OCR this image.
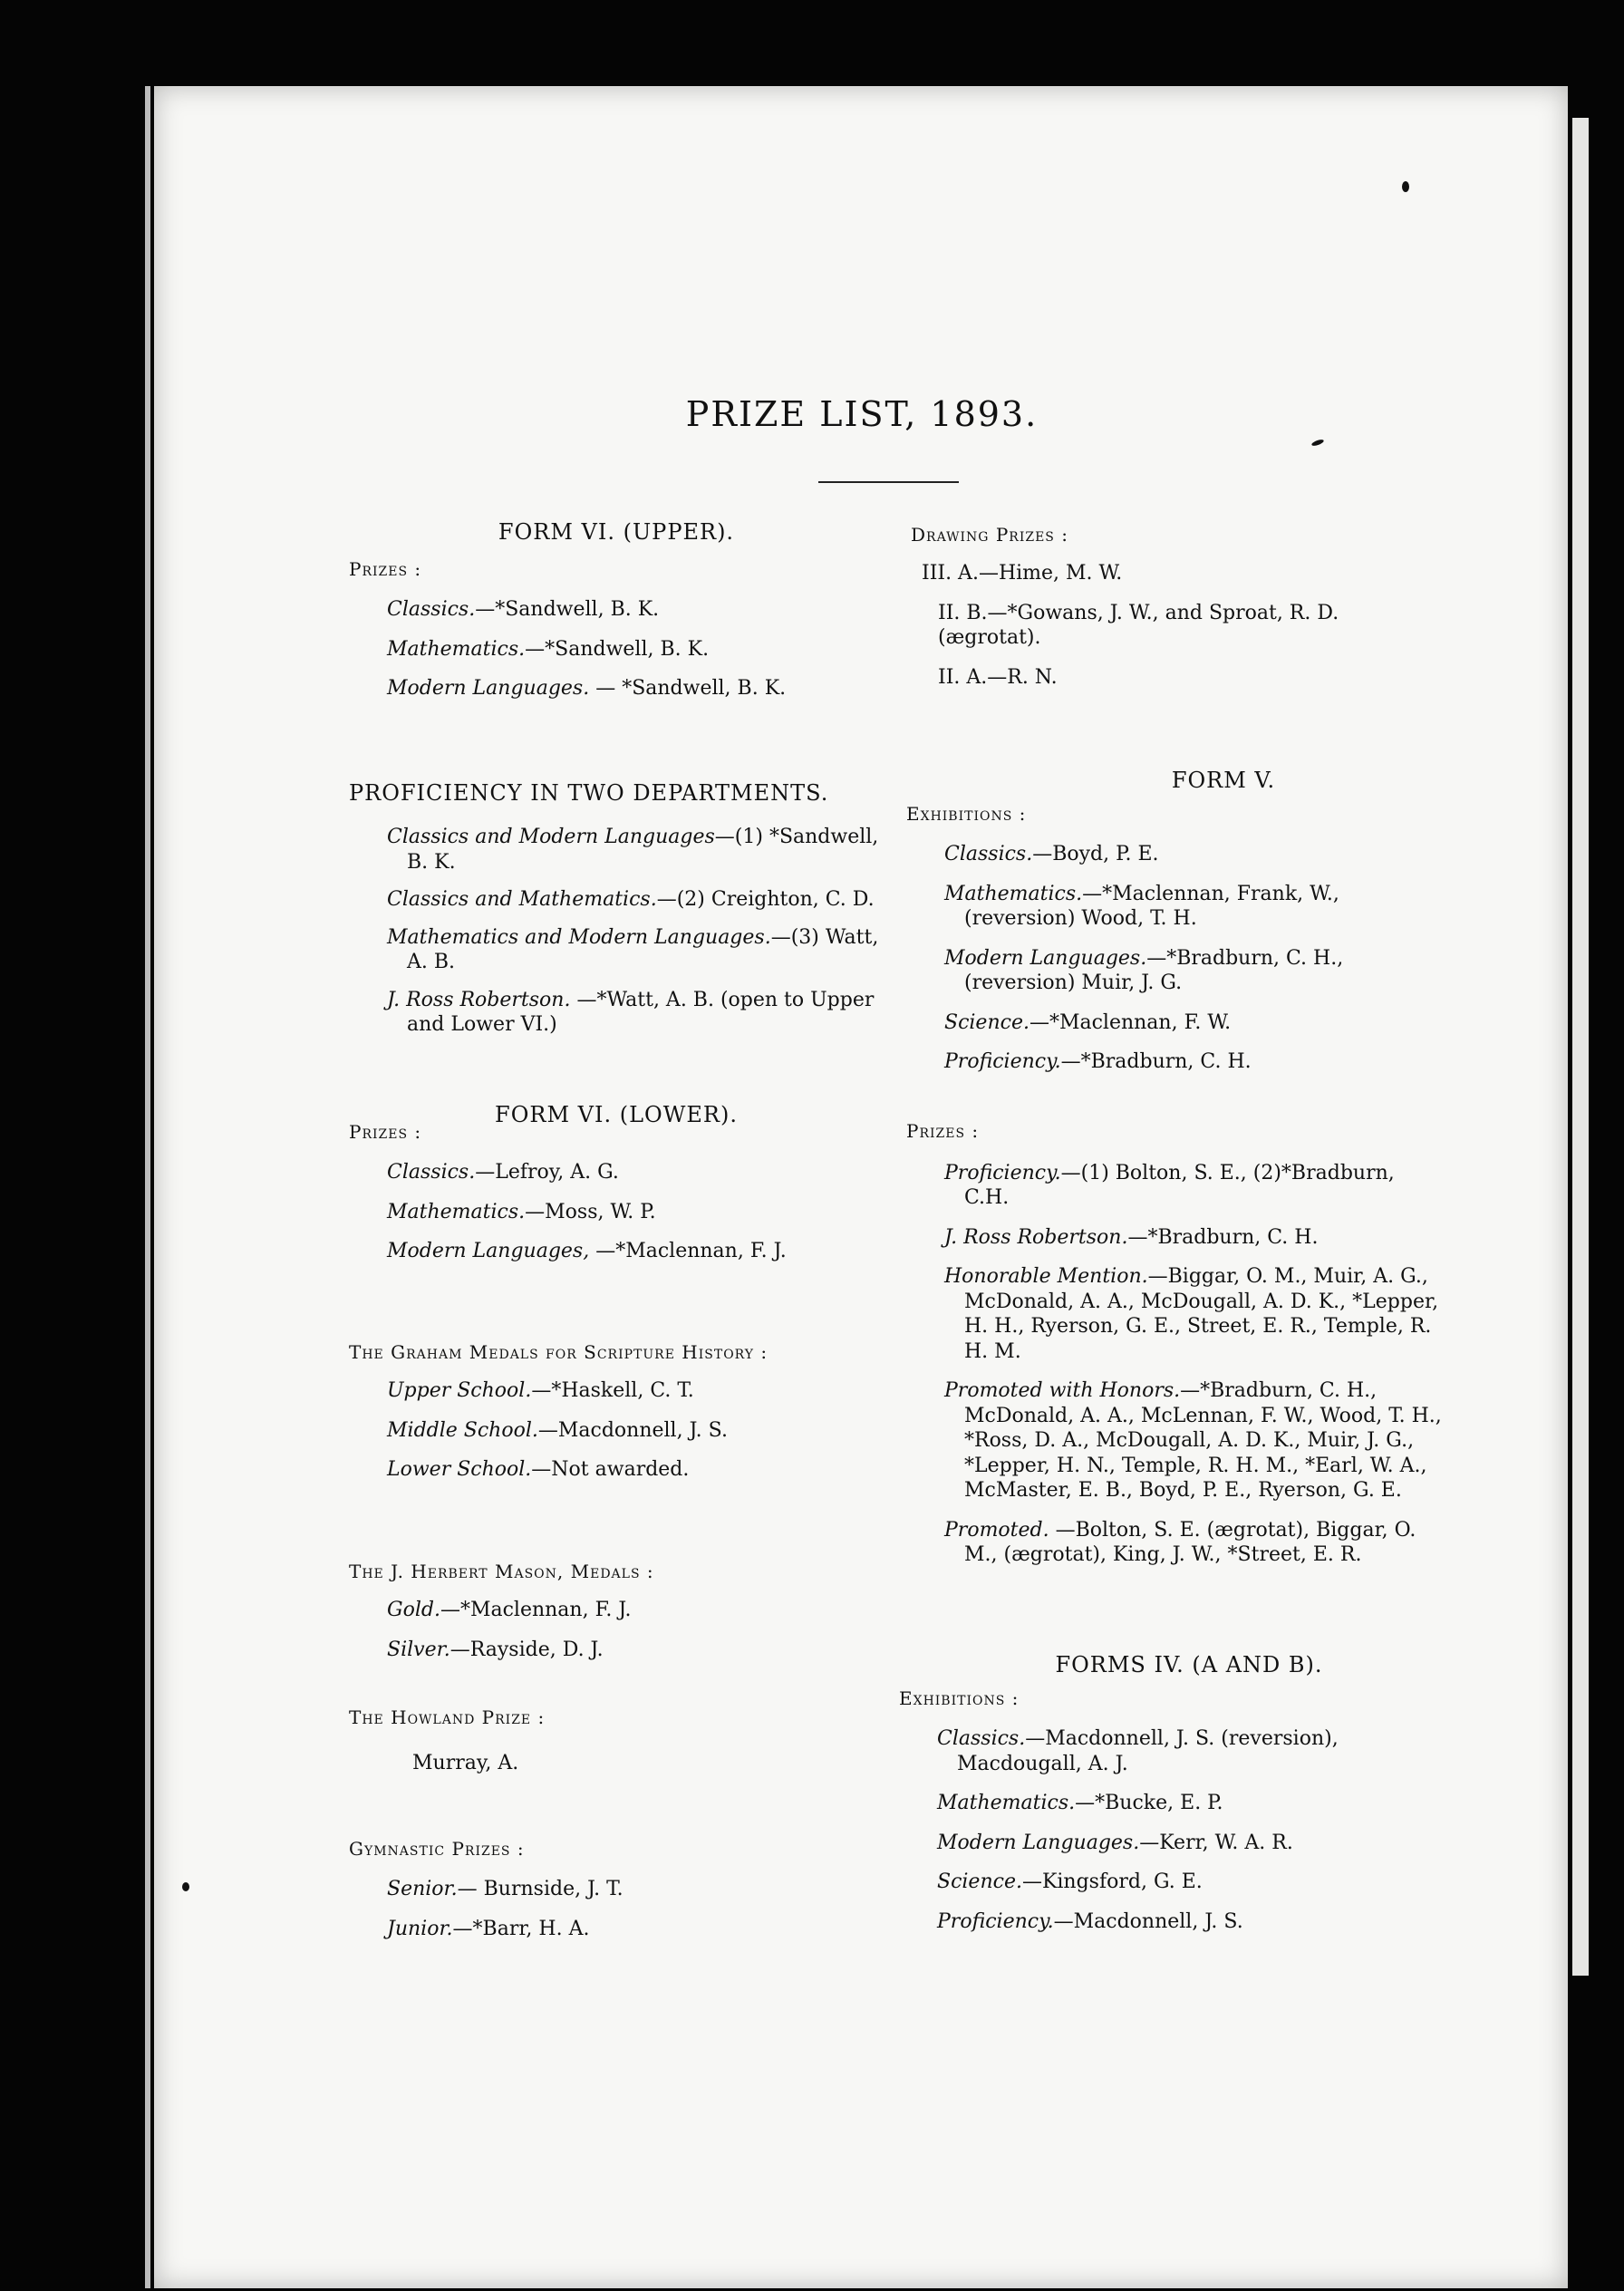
PRIZE LIST, 1893.
FORM VI. (UPPER).
Prizes :
Classics.—*Sandwell, B. K.
Mathematics.—*Sandwell, B. K.
Modern Languages. — *Sandwell, B. K.
PROFICIENCY IN TWO DEPARTMENTS.
Classics and Modern Languages—(1) *Sandwell, B. K.
Classics and Mathematics.—(2) Creighton, C. D.
Mathematics and Modern Languages.—(3) Watt, A. B.
J. Ross Robertson. —*Watt, A. B. (open to Upper and Lower VI.)
FORM VI. (LOWER).
Prizes :
Classics.—Lefroy, A. G.
Mathematics.—Moss, W. P.
Modern Languages, —*Maclennan, F. J.
The Graham Medals for Scripture History :
Upper School.—*Haskell, C. T.
Middle School.—Macdonnell, J. S.
Lower School.—Not awarded.
The J. Herbert Mason, Medals :
Gold.—*Maclennan, F. J.
Silver.—Rayside, D. J.
The Howland Prize :
Murray, A.
Gymnastic Prizes :
Senior.— Burnside, J. T.
Junior.—*Barr, H. A.
Drawing Prizes :
III. A.—Hime, M. W.
II. B.—*Gowans, J. W., and Sproat, R. D. (ægrotat).
II. A.—R. N.
FORM V.
Exhibitions :
Classics.—Boyd, P. E.
Mathematics.—*Maclennan, Frank, W., (reversion) Wood, T. H.
Modern Languages.—*Bradburn, C. H., (reversion) Muir, J. G.
Science.—*Maclennan, F. W.
Proficiency.—*Bradburn, C. H.
Prizes :
Proficiency.—(1) Bolton, S. E., (2)*Bradburn, C.H.
J. Ross Robertson.—*Bradburn, C. H.
Honorable Mention.—Biggar, O. M., Muir, A. G., McDonald, A. A., McDougall, A. D. K., *Lepper, H. H., Ryerson, G. E., Street, E. R., Temple, R. H. M.
Promoted with Honors.—*Bradburn, C. H., McDonald, A. A., McLennan, F. W., Wood, T. H., *Ross, D. A., McDougall, A. D. K., Muir, J. G., *Lepper, H. N., Temple, R. H. M., *Earl, W. A., McMaster, E. B., Boyd, P. E., Ryerson, G. E.
Promoted. —Bolton, S. E. (ægrotat), Biggar, O. M., (ægrotat), King, J. W., *Street, E. R.
FORMS IV. (A AND B).
Exhibitions :
Classics.—Macdonnell, J. S. (reversion), Macdougall, A. J.
Mathematics.—*Bucke, E. P.
Modern Languages.—Kerr, W. A. R.
Science.—Kingsford, G. E.
Proficiency.—Macdonnell, J. S.
